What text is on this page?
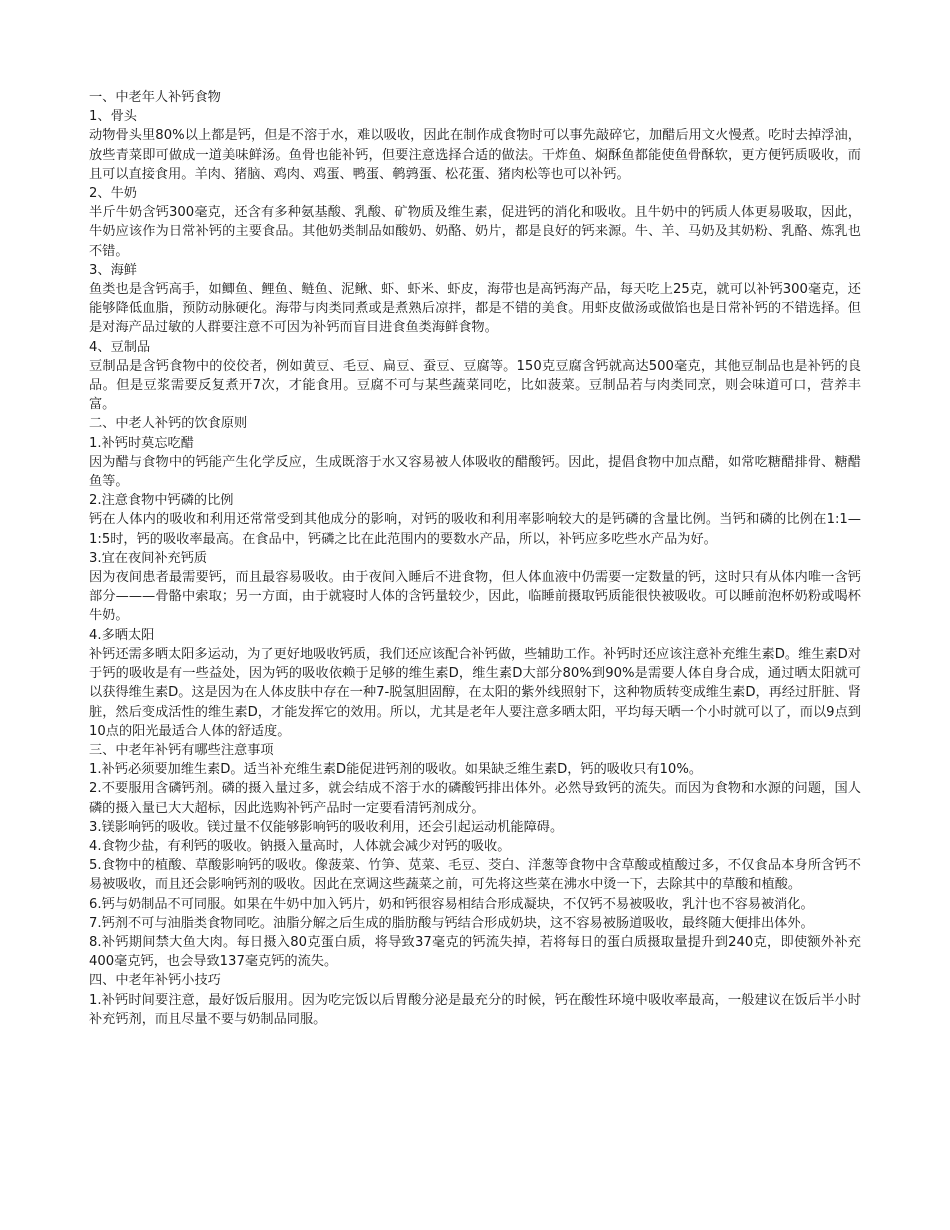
一、中老年人补钙食物

1、骨头

动物骨头里80%以上都是钙，但是不溶于水，难以吸收，因此在制作成食物时可以事先敲碎它，加醋后用文火慢煮。吃时去掉浮油，放些青菜即可做成一道美味鲜汤。鱼骨也能补钙，但要注意选择合适的做法。干炸鱼、焖酥鱼都能使鱼骨酥软，更方便钙质吸收，而且可以直接食用。羊肉、猪脑、鸡肉、鸡蛋、鸭蛋、鹌鹑蛋、松花蛋、猪肉松等也可以补钙。

2、牛奶

半斤牛奶含钙300毫克，还含有多种氨基酸、乳酸、矿物质及维生素，促进钙的消化和吸收。且牛奶中的钙质人体更易吸取，因此，牛奶应该作为日常补钙的主要食品。其他奶类制品如酸奶、奶酪、奶片，都是良好的钙来源。牛、羊、马奶及其奶粉、乳酪、炼乳也不错。

3、海鲜

鱼类也是含钙高手，如鲫鱼、鲤鱼、鲢鱼、泥鳅、虾、虾米、虾皮，海带也是高钙海产品，每天吃上25克，就可以补钙300毫克，还能够降低血脂，预防动脉硬化。海带与肉类同煮或是煮熟后凉拌，都是不错的美食。用虾皮做汤或做馅也是日常补钙的不错选择。但是对海产品过敏的人群要注意不可因为补钙而盲目进食鱼类海鲜食物。

4、豆制品

豆制品是含钙食物中的佼佼者，例如黄豆、毛豆、扁豆、蚕豆、豆腐等。150克豆腐含钙就高达500毫克，其他豆制品也是补钙的良品。但是豆浆需要反复煮开7次，才能食用。豆腐不可与某些蔬菜同吃，比如菠菜。豆制品若与肉类同烹，则会味道可口，营养丰富。

二、中老人补钙的饮食原则

1.补钙时莫忘吃醋

因为醋与食物中的钙能产生化学反应，生成既溶于水又容易被人体吸收的醋酸钙。因此，提倡食物中加点醋，如常吃糖醋排骨、糖醋鱼等。

2.注意食物中钙磷的比例

钙在人体内的吸收和利用还常常受到其他成分的影响，对钙的吸收和利用率影响较大的是钙磷的含量比例。当钙和磷的比例在1:1—1:5时，钙的吸收率最高。在食品中，钙磷之比在此范围内的要数水产品，所以，补钙应多吃些水产品为好。

3.宜在夜间补充钙质

因为夜间患者最需要钙，而且最容易吸收。由于夜间入睡后不进食物，但人体血液中仍需要一定数量的钙，这时只有从体内唯一含钙部分———骨骼中索取；另一方面，由于就寝时人体的含钙量较少，因此，临睡前摄取钙质能很快被吸收。可以睡前泡杯奶粉或喝杯牛奶。

4.多晒太阳

补钙还需多晒太阳多运动，为了更好地吸收钙质，我们还应该配合补钙做，些辅助工作。补钙时还应该注意补充维生素D。维生素D对于钙的吸收是有一些益处，因为钙的吸收依赖于足够的维生素D，维生素D大部分80%到90%是需要人体自身合成，通过晒太阳就可以获得维生素D。这是因为在人体皮肤中存在一种7-脱氢胆固醇，在太阳的紫外线照射下，这种物质转变成维生素D，再经过肝脏、肾脏，然后变成活性的维生素D，才能发挥它的效用。所以，尤其是老年人要注意多晒太阳，平均每天晒一个小时就可以了，而以9点到10点的阳光最适合人体的舒适度。

三、中老年补钙有哪些注意事项

1.补钙必须要加维生素D。适当补充维生素D能促进钙剂的吸收。如果缺乏维生素D，钙的吸收只有10%。

2.不要服用含磷钙剂。磷的摄入量过多，就会结成不溶于水的磷酸钙排出体外。必然导致钙的流失。而因为食物和水源的问题，国人磷的摄入量已大大超标，因此选购补钙产品时一定要看清钙剂成分。

3.镁影响钙的吸收。镁过量不仅能够影响钙的吸收利用，还会引起运动机能障碍。

4.食物少盐，有利钙的吸收。钠摄入量高时，人体就会减少对钙的吸收。

5.食物中的植酸、草酸影响钙的吸收。像菠菜、竹笋、苋菜、毛豆、茭白、洋葱等食物中含草酸或植酸过多，不仅食品本身所含钙不易被吸收，而且还会影响钙剂的吸收。因此在烹调这些蔬菜之前，可先将这些菜在沸水中烫一下，去除其中的草酸和植酸。

6.钙与奶制品不可同服。如果在牛奶中加入钙片，奶和钙很容易相结合形成凝块，不仅钙不易被吸收，乳汁也不容易被消化。

7.钙剂不可与油脂类食物同吃。油脂分解之后生成的脂肪酸与钙结合形成奶块，这不容易被肠道吸收，最终随大便排出体外。

8.补钙期间禁大鱼大肉。每日摄入80克蛋白质，将导致37毫克的钙流失掉，若将每日的蛋白质摄取量提升到240克，即使额外补充400毫克钙，也会导致137毫克钙的流失。

四、中老年补钙小技巧

1.补钙时间要注意，最好饭后服用。因为吃完饭以后胃酸分泌是最充分的时候，钙在酸性环境中吸收率最高，一般建议在饭后半小时补充钙剂，而且尽量不要与奶制品同服。
